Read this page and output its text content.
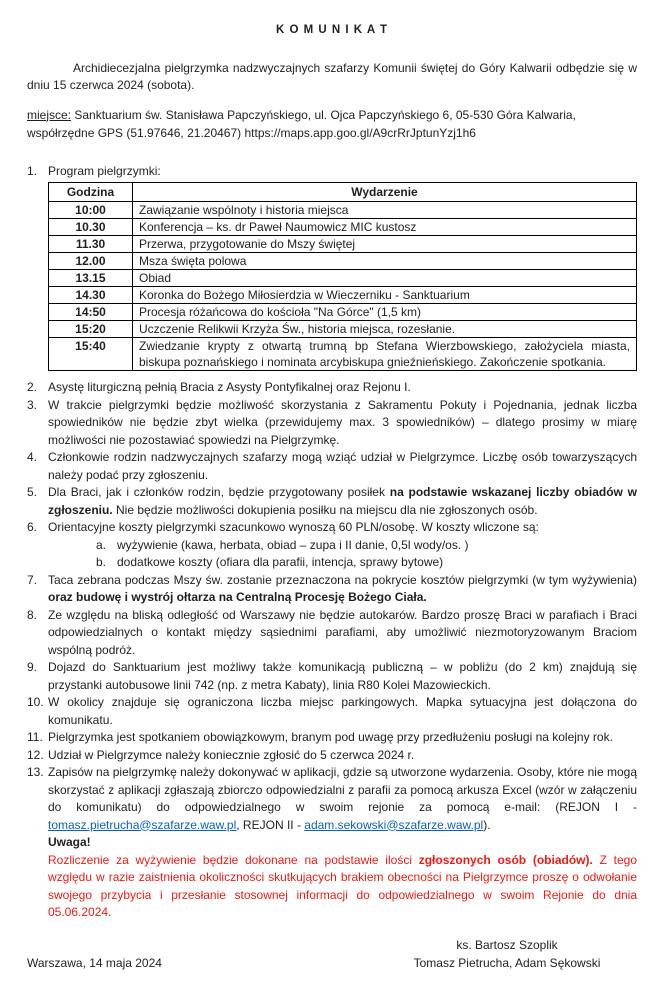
K O M U N I K A T

Archidiecezjalna pielgrzymka nadzwyczajnych szafarzy Komunii świętej do Góry Kalwarii odbędzie się w dniu 15 czerwca 2024 (sobota).

miejsce: Sanktuarium św. Stanisława Papczyńskiego, ul. Ojca Papczyńskiego 6, 05-530 Góra Kalwaria, współrzędne GPS (51.97646, 21.20467) https://maps.app.goo.gl/A9crRrJptunYzj1h6

1. Program pielgrzymki:
Godzina	Wydarzenie
10:00	Zawiązanie wspólnoty i historia miejsca
10.30	Konferencja – ks. dr Paweł Naumowicz MIC kustosz
11.30	Przerwa, przygotowanie do Mszy świętej
12.00	Msza święta polowa
13.15	Obiad
14.30	Koronka do Bożego Miłosierdzia w Wieczerniku - Sanktuarium
14:50	Procesja różańcowa do kościoła "Na Górce" (1,5 km)
15:20	Uczczenie Relikwii Krzyża Św., historia miejsca, rozesłanie.
15:40	Zwiedzanie krypty z otwartą trumną bp Stefana Wierzbowskiego, założyciela miasta, biskupa poznańskiego i nominata arcybiskupa gnieźnieńskiego. Zakończenie spotkania.
2. Asystę liturgiczną pełnią Bracia z Asysty Pontyfikalnej oraz Rejonu I.
3. W trakcie pielgrzymki będzie możliwość skorzystania z Sakramentu Pokuty i Pojednania, jednak liczba spowiedników nie będzie zbyt wielka (przewidujemy max. 3 spowiedników) – dlatego prosimy w miarę możliwości nie pozostawiać spowiedzi na Pielgrzymkę.
4. Członkowie rodzin nadzwyczajnych szafarzy mogą wziąć udział w Pielgrzymce. Liczbę osób towarzyszących należy podać przy zgłoszeniu.
5. Dla Braci, jak i członków rodzin, będzie przygotowany posiłek na podstawie wskazanej liczby obiadów w zgłoszeniu. Nie będzie możliwości dokupienia posiłku na miejscu dla nie zgłoszonych osób.
6. Orientacyjne koszty pielgrzymki szacunkowo wynoszą 60 PLN/osobę. W koszty wliczone są:
a. wyżywienie (kawa, herbata, obiad – zupa i II danie, 0,5l wody/os. )
b. dodatkowe koszty (ofiara dla parafii, intencja, sprawy bytowe)
7. Taca zebrana podczas Mszy św. zostanie przeznaczona na pokrycie kosztów pielgrzymki (w tym wyżywienia) oraz budowę i wystrój ołtarza na Centralną Procesję Bożego Ciała.
8. Ze względu na bliską odległość od Warszawy nie będzie autokarów. Bardzo proszę Braci w parafiach i Braci odpowiedzialnych o kontakt między sąsiednimi parafiami, aby umożliwić niezmotoryzowanym Braciom wspólną podróż.
9. Dojazd do Sanktuarium jest możliwy także komunikacją publiczną – w pobliżu (do 2 km) znajdują się przystanki autobusowe linii 742 (np. z metra Kabaty), linia R80 Kolei Mazowieckich.
10. W okolicy znajduje się ograniczona liczba miejsc parkingowych. Mapka sytuacyjna jest dołączona do komunikatu.
11. Pielgrzymka jest spotkaniem obowiązkowym, branym pod uwagę przy przedłużeniu posługi na kolejny rok.
12. Udział w Pielgrzymce należy koniecznie zgłosić do 5 czerwca 2024 r.
13. Zapisów na pielgrzymkę należy dokonywać w aplikacji, gdzie są utworzone wydarzenia. Osoby, które nie mogą skorzystać z aplikacji zgłaszają zbiorczo odpowiedzialni z parafii za pomocą arkusza Excel (wzór w załączeniu do komunikatu) do odpowiedzialnego w swoim rejonie za pomocą e-mail: (REJON I - tomasz.pietrucha@szafarze.waw.pl, REJON II - adam.sekowski@szafarze.waw.pl).
Uwaga!
Rozliczenie za wyżywienie będzie dokonane na podstawie ilości zgłoszonych osób (obiadów). Z tego względu w razie zaistnienia okoliczności skutkujących brakiem obecności na Pielgrzymce proszę o odwołanie swojego przybycia i przesłanie stosownej informacji do odpowiedzialnego w swoim Rejonie do dnia 05.06.2024.
Warszawa, 14 maja 2024
ks. Bartosz Szoplik
Tomasz Pietrucha, Adam Sękowski
